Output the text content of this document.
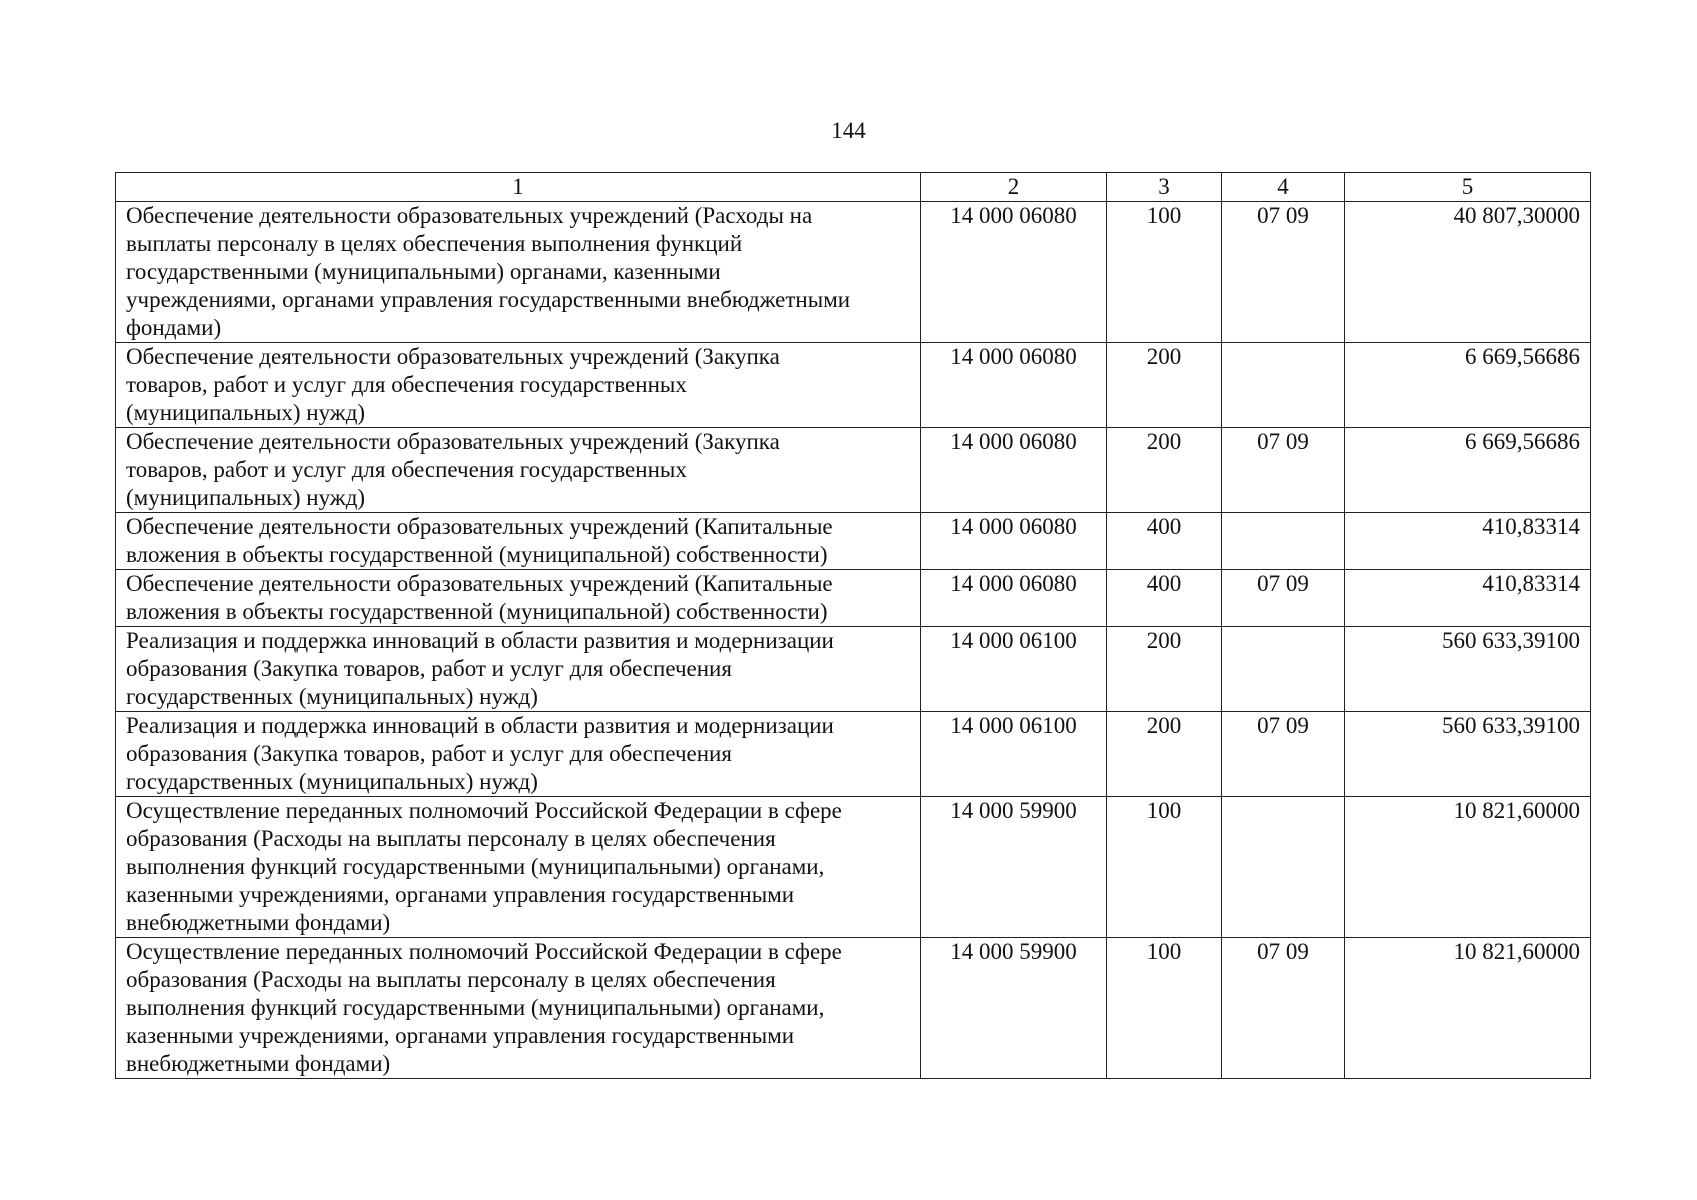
144
1	2	3	4	5

Обеспечение деятельности образовательных учреждений (Расходы на
выплаты персоналу в целях обеспечения выполнения функций
государственными (муниципальными) органами, казенными
учреждениями, органами управления государственными внебюджетными
фондами)	14 000 06080	100	07 09	40 807,30000

Обеспечение деятельности образовательных учреждений (Закупка
товаров, работ и услуг для обеспечения государственных
(муниципальных) нужд)	14 000 06080	200		6 669,56686

Обеспечение деятельности образовательных учреждений (Закупка
товаров, работ и услуг для обеспечения государственных
(муниципальных) нужд)	14 000 06080	200	07 09	6 669,56686

Обеспечение деятельности образовательных учреждений (Капитальные
вложения в объекты государственной (муниципальной) собственности)	14 000 06080	400		410,83314

Обеспечение деятельности образовательных учреждений (Капитальные
вложения в объекты государственной (муниципальной) собственности)	14 000 06080	400	07 09	410,83314

Реализация и поддержка инноваций в области развития и модернизации
образования (Закупка товаров, работ и услуг для обеспечения
государственных (муниципальных) нужд)	14 000 06100	200		560 633,39100

Реализация и поддержка инноваций в области развития и модернизации
образования (Закупка товаров, работ и услуг для обеспечения
государственных (муниципальных) нужд)	14 000 06100	200	07 09	560 633,39100

Осуществление переданных полномочий Российской Федерации в сфере
образования (Расходы на выплаты персоналу в целях обеспечения
выполнения функций государственными (муниципальными) органами,
казенными учреждениями, органами управления государственными
внебюджетными фондами)	14 000 59900	100		10 821,60000

Осуществление переданных полномочий Российской Федерации в сфере
образования (Расходы на выплаты персоналу в целях обеспечения
выполнения функций государственными (муниципальными) органами,
казенными учреждениями, органами управления государственными
внебюджетными фондами)	14 000 59900	100	07 09	10 821,60000
